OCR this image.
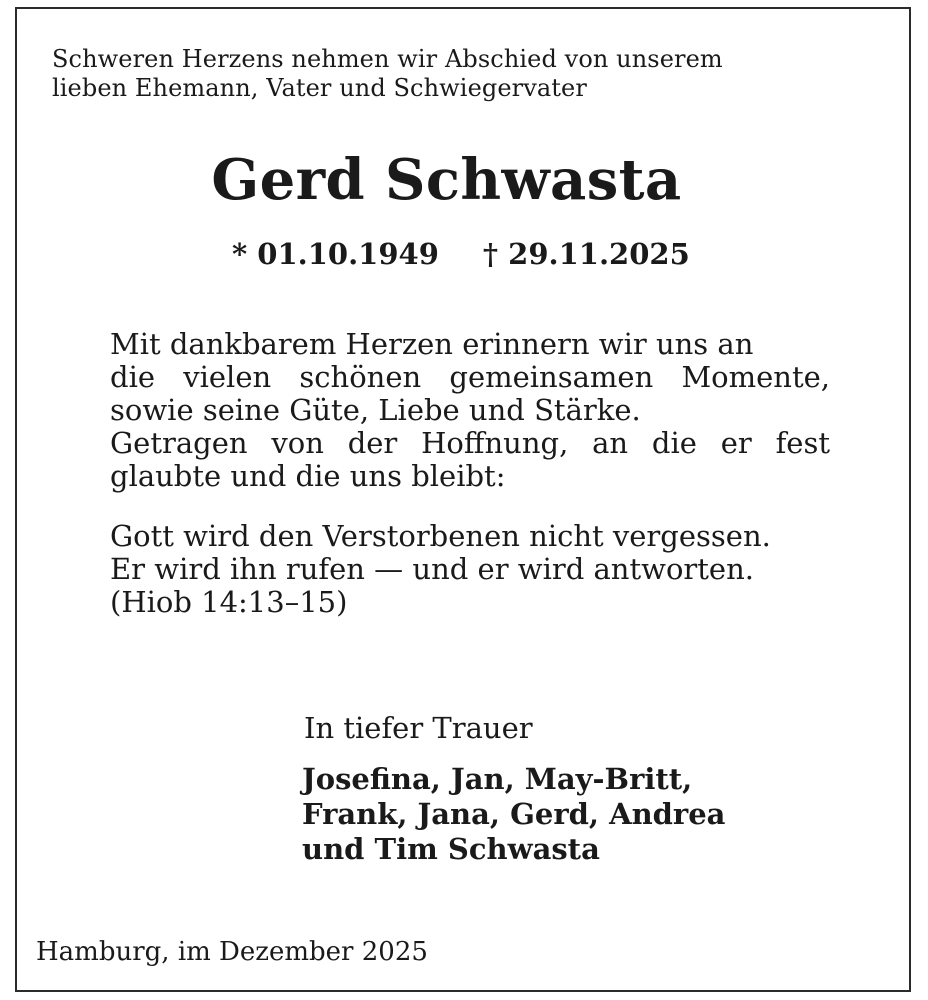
Schweren Herzens nehmen wir Abschied von unserem
lieben Ehemann, Vater und Schwiegervater
Gerd Schwasta
* 01.10.1949 † 29.11.2025
Mit dankbarem Herzen erinnern wir uns an
die vielen schönen gemeinsamen Momente,
sowie seine Güte, Liebe und Stärke.
Getragen von der Hoffnung, an die er fest
glaubte und die uns bleibt:
Gott wird den Verstorbenen nicht vergessen.
Er wird ihn rufen — und er wird antworten.
(Hiob 14:13–15)
In tiefer Trauer
Josefina, Jan, May-Britt,
Frank, Jana, Gerd, Andrea
und Tim Schwasta
Hamburg, im Dezember 2025
